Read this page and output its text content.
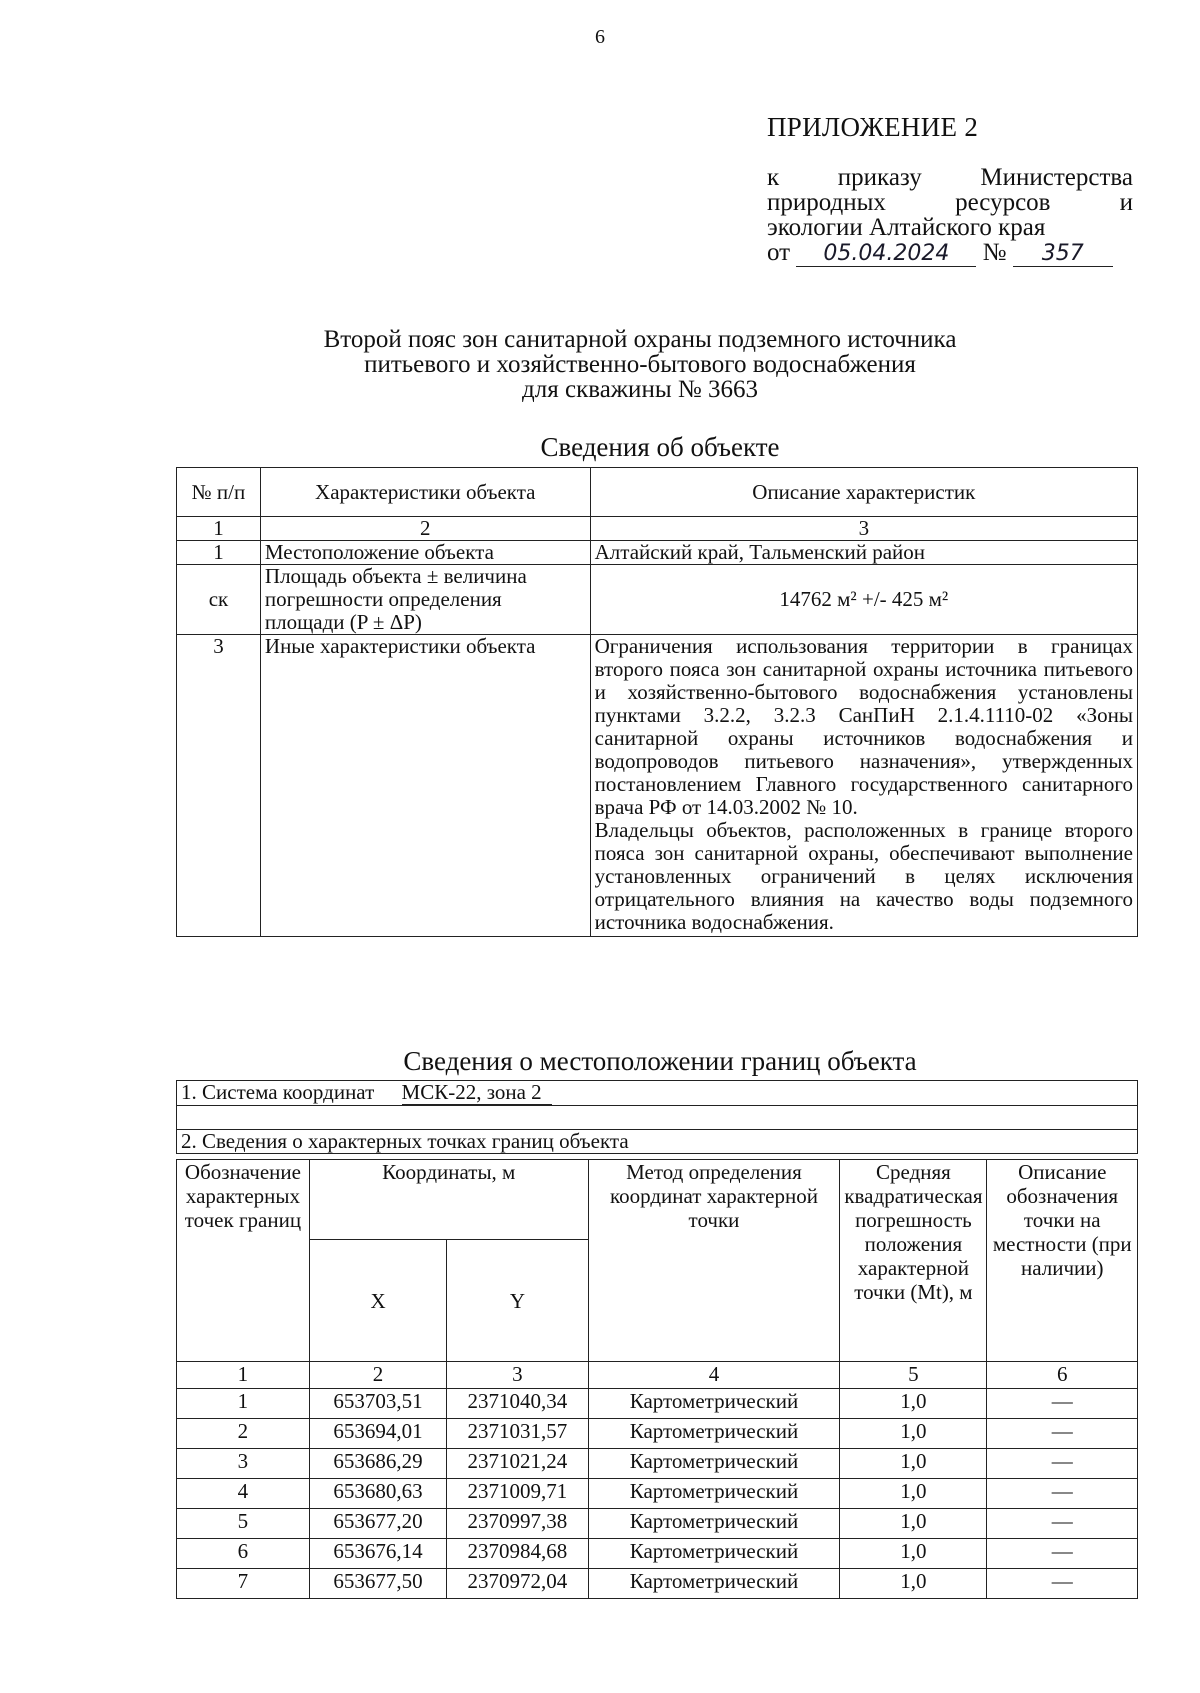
6
ПРИЛОЖЕНИЕ 2
к приказу Министерства
природных ресурсов и
экологии Алтайского края
от 05.04.2024 № 357
Второй пояс зон санитарной охраны подземного источника
питьевого и хозяйственно-бытового водоснабжения
для скважины № 3663
Сведения об объекте
№ п/п	Характеристики объекта	Описание характеристик
1	2	3
1	Местоположение объекта	Алтайский край, Тальменский район
ск	Площадь объекта ± величина погрешности определения площади (P ± ΔP)	14762 м² +/- 425 м²
3	Иные характеристики объекта	Ограничения использования территории в границах второго пояса зон санитарной охраны источника питьевого и хозяйственно-бытового водоснабжения установлены пунктами 3.2.2, 3.2.3 СанПиН 2.1.4.1110-02 «Зоны санитарной охраны источников водоснабжения и водопроводов питьевого назначения», утвержденных постановлением Главного государственного санитарного врача РФ от 14.03.2002 № 10.
Владельцы объектов, расположенных в границе второго пояса зон санитарной охраны, обеспечивают выполнение установленных ограничений в целях исключения отрицательного влияния на качество воды подземного источника водоснабжения.
Сведения о местоположении границ объекта
1. Система координат МСК-22, зона 2

2. Сведения о характерных точках границ объекта
Обозначение характерных точек границ	Координаты, м		Метод определения координат характерной точки	Средняя квадратическая погрешность положения характерной точки (Mt), м	Описание обозначения точки на местности (при наличии)
	X	Y			
1	2	3	4	5	6
1	653703,51	2371040,34	Картометрический	1,0	—
2	653694,01	2371031,57	Картометрический	1,0	—
3	653686,29	2371021,24	Картометрический	1,0	—
4	653680,63	2371009,71	Картометрический	1,0	—
5	653677,20	2370997,38	Картометрический	1,0	—
6	653676,14	2370984,68	Картометрический	1,0	—
7	653677,50	2370972,04	Картометрический	1,0	—
